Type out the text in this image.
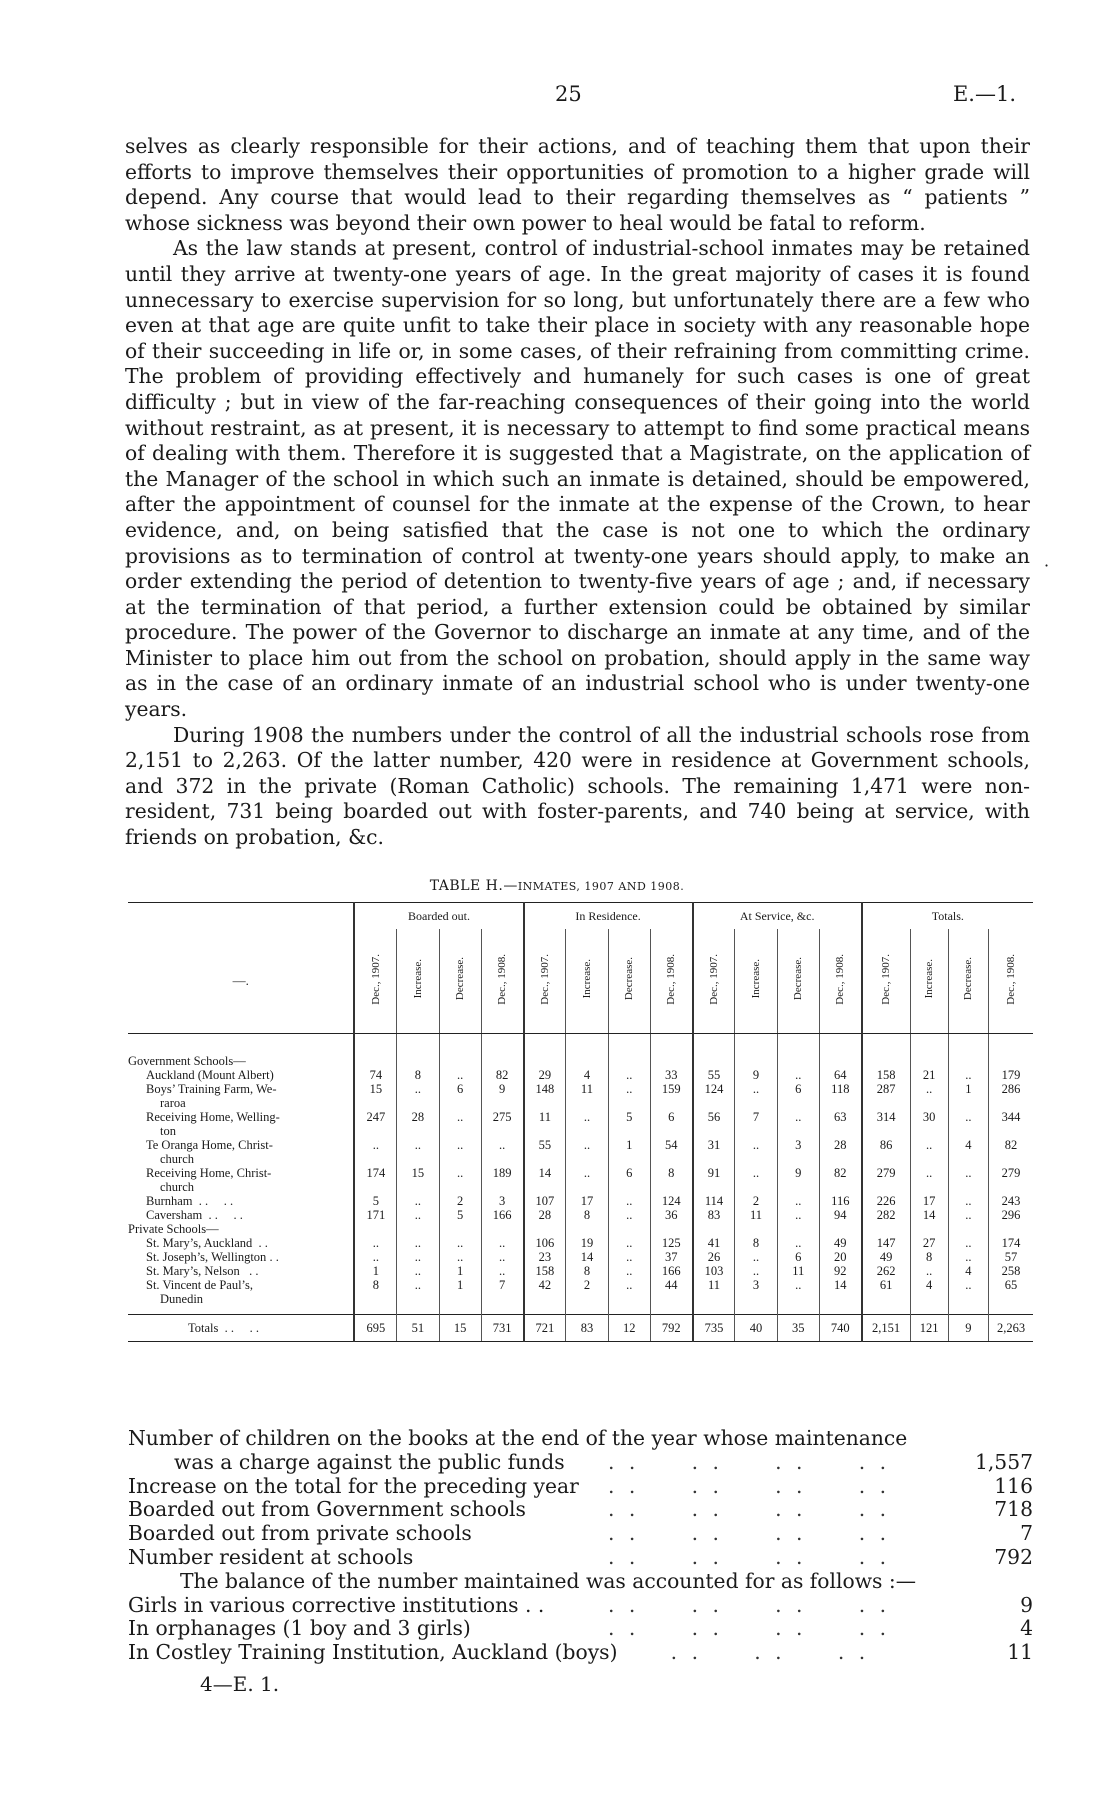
25	E.—1.

selves as clearly responsible for their actions, and of teaching them that upon their efforts to improve themselves their opportunities of promotion to a higher grade will depend. Any course that would lead to their regarding themselves as “ patients ” whose sickness was beyond their own power to heal would be fatal to reform.

As the law stands at present, control of industrial-school inmates may be retained until they arrive at twenty-one years of age. In the great majority of cases it is found unnecessary to exercise supervision for so long, but unfortunately there are a few who even at that age are quite unfit to take their place in society with any reasonable hope of their succeeding in life or, in some cases, of their refraining from committing crime. The problem of providing effectively and humanely for such cases is one of great difficulty ; but in view of the far-reaching consequences of their going into the world without restraint, as at present, it is necessary to attempt to find some practical means of dealing with them. Therefore it is suggested that a Magistrate, on the application of the Manager of the school in which such an inmate is detained, should be empowered, after the appointment of counsel for the inmate at the expense of the Crown, to hear evidence, and, on being satisfied that the case is not one to which the ordinary provisions as to termination of control at twenty-one years should apply, to make an order extending the period of detention to twenty-five years of age ; and, if necessary at the termination of that period, a further extension could be obtained by similar procedure. The power of the Governor to discharge an inmate at any time, and of the Minister to place him out from the school on probation, should apply in the same way as in the case of an ordinary inmate of an industrial school who is under twenty-one years.

During 1908 the numbers under the control of all the industrial schools rose from 2,151 to 2,263. Of the latter number, 420 were in residence at Government schools, and 372 in the private (Roman Catholic) schools. The remaining 1,471 were non-resident, 731 being boarded out with foster-parents, and 740 being at service, with friends on probation, &c.

·
TABLE H.—INMATES, 1907 AND 1908.
	Boarded out.				In Residence.				At Service, &c.				Totals.			
—.	Dec., 1907.	Increase.	Decrease.	Dec., 1908.	Dec., 1907.	Increase.	Decrease.	Dec., 1908.	Dec., 1907.	Increase.	Decrease.	Dec., 1908.	Dec., 1907.	Increase.	Decrease.	Dec., 1908.

Government Schools—																
Auckland (Mount Albert)	74	8	..	82	29	4	..	33	55	9	..	64	158	21	..	179
Boys’ Training Farm, We-
raroa	15	..	6	9	148	11	..	159	124	..	6	118	287	..	1	286
Receiving Home, Welling-
ton	247	28	..	275	11	..	5	6	56	7	..	63	314	30	..	344
Te Oranga Home, Christ-
church	..	..	..	..	55	..	1	54	31	..	3	28	86	..	4	82
Receiving Home, Christ-
church	174	15	..	189	14	..	6	8	91	..	9	82	279	..	..	279
Burnham  . .     . .	5	..	2	3	107	17	..	124	114	2	..	116	226	17	..	243
Caversham  . .     . .	171	..	5	166	28	8	..	36	83	11	..	94	282	14	..	296
Private Schools—																
St. Mary’s, Auckland  . .	..	..	..	..	106	19	..	125	41	8	..	49	147	27	..	174
St. Joseph’s, Wellington . .	..	..	..	..	23	14	..	37	26	..	6	20	49	8	..	57
St. Mary’s, Nelson   . .	1	..	1	..	158	8	..	166	103	..	11	92	262	..	4	258
St. Vincent de Paul’s,
Dunedin	8	..	1	7	42	2	..	44	11	3	..	14	61	4	..	65

Totals  . .     . .	695	51	15	731	721	83	12	792	735	40	35	740	2,151	121	9	2,263
Number of children on the books at the end of the year whose maintenance
was a charge against the public funds . .     . .     . .     . .	1,557
Increase on the total for the preceding year . .     . .     . .     . .	116
Boarded out from Government schools	. .     . .     . .     . .	718
Boarded out from private schools	. .     . .     . .     . .	7
Number resident at schools	. .     . .     . .     . .	792
The balance of the number maintained was accounted for as follows :—
Girls in various corrective institutions . .	. .     . .     . .     . .	9
In orphanages (1 boy and 3 girls)	. .     . .     . .     . .	4
In Costley Training Institution, Auckland (boys)
. .     . .     . .	11
4—E. 1.
